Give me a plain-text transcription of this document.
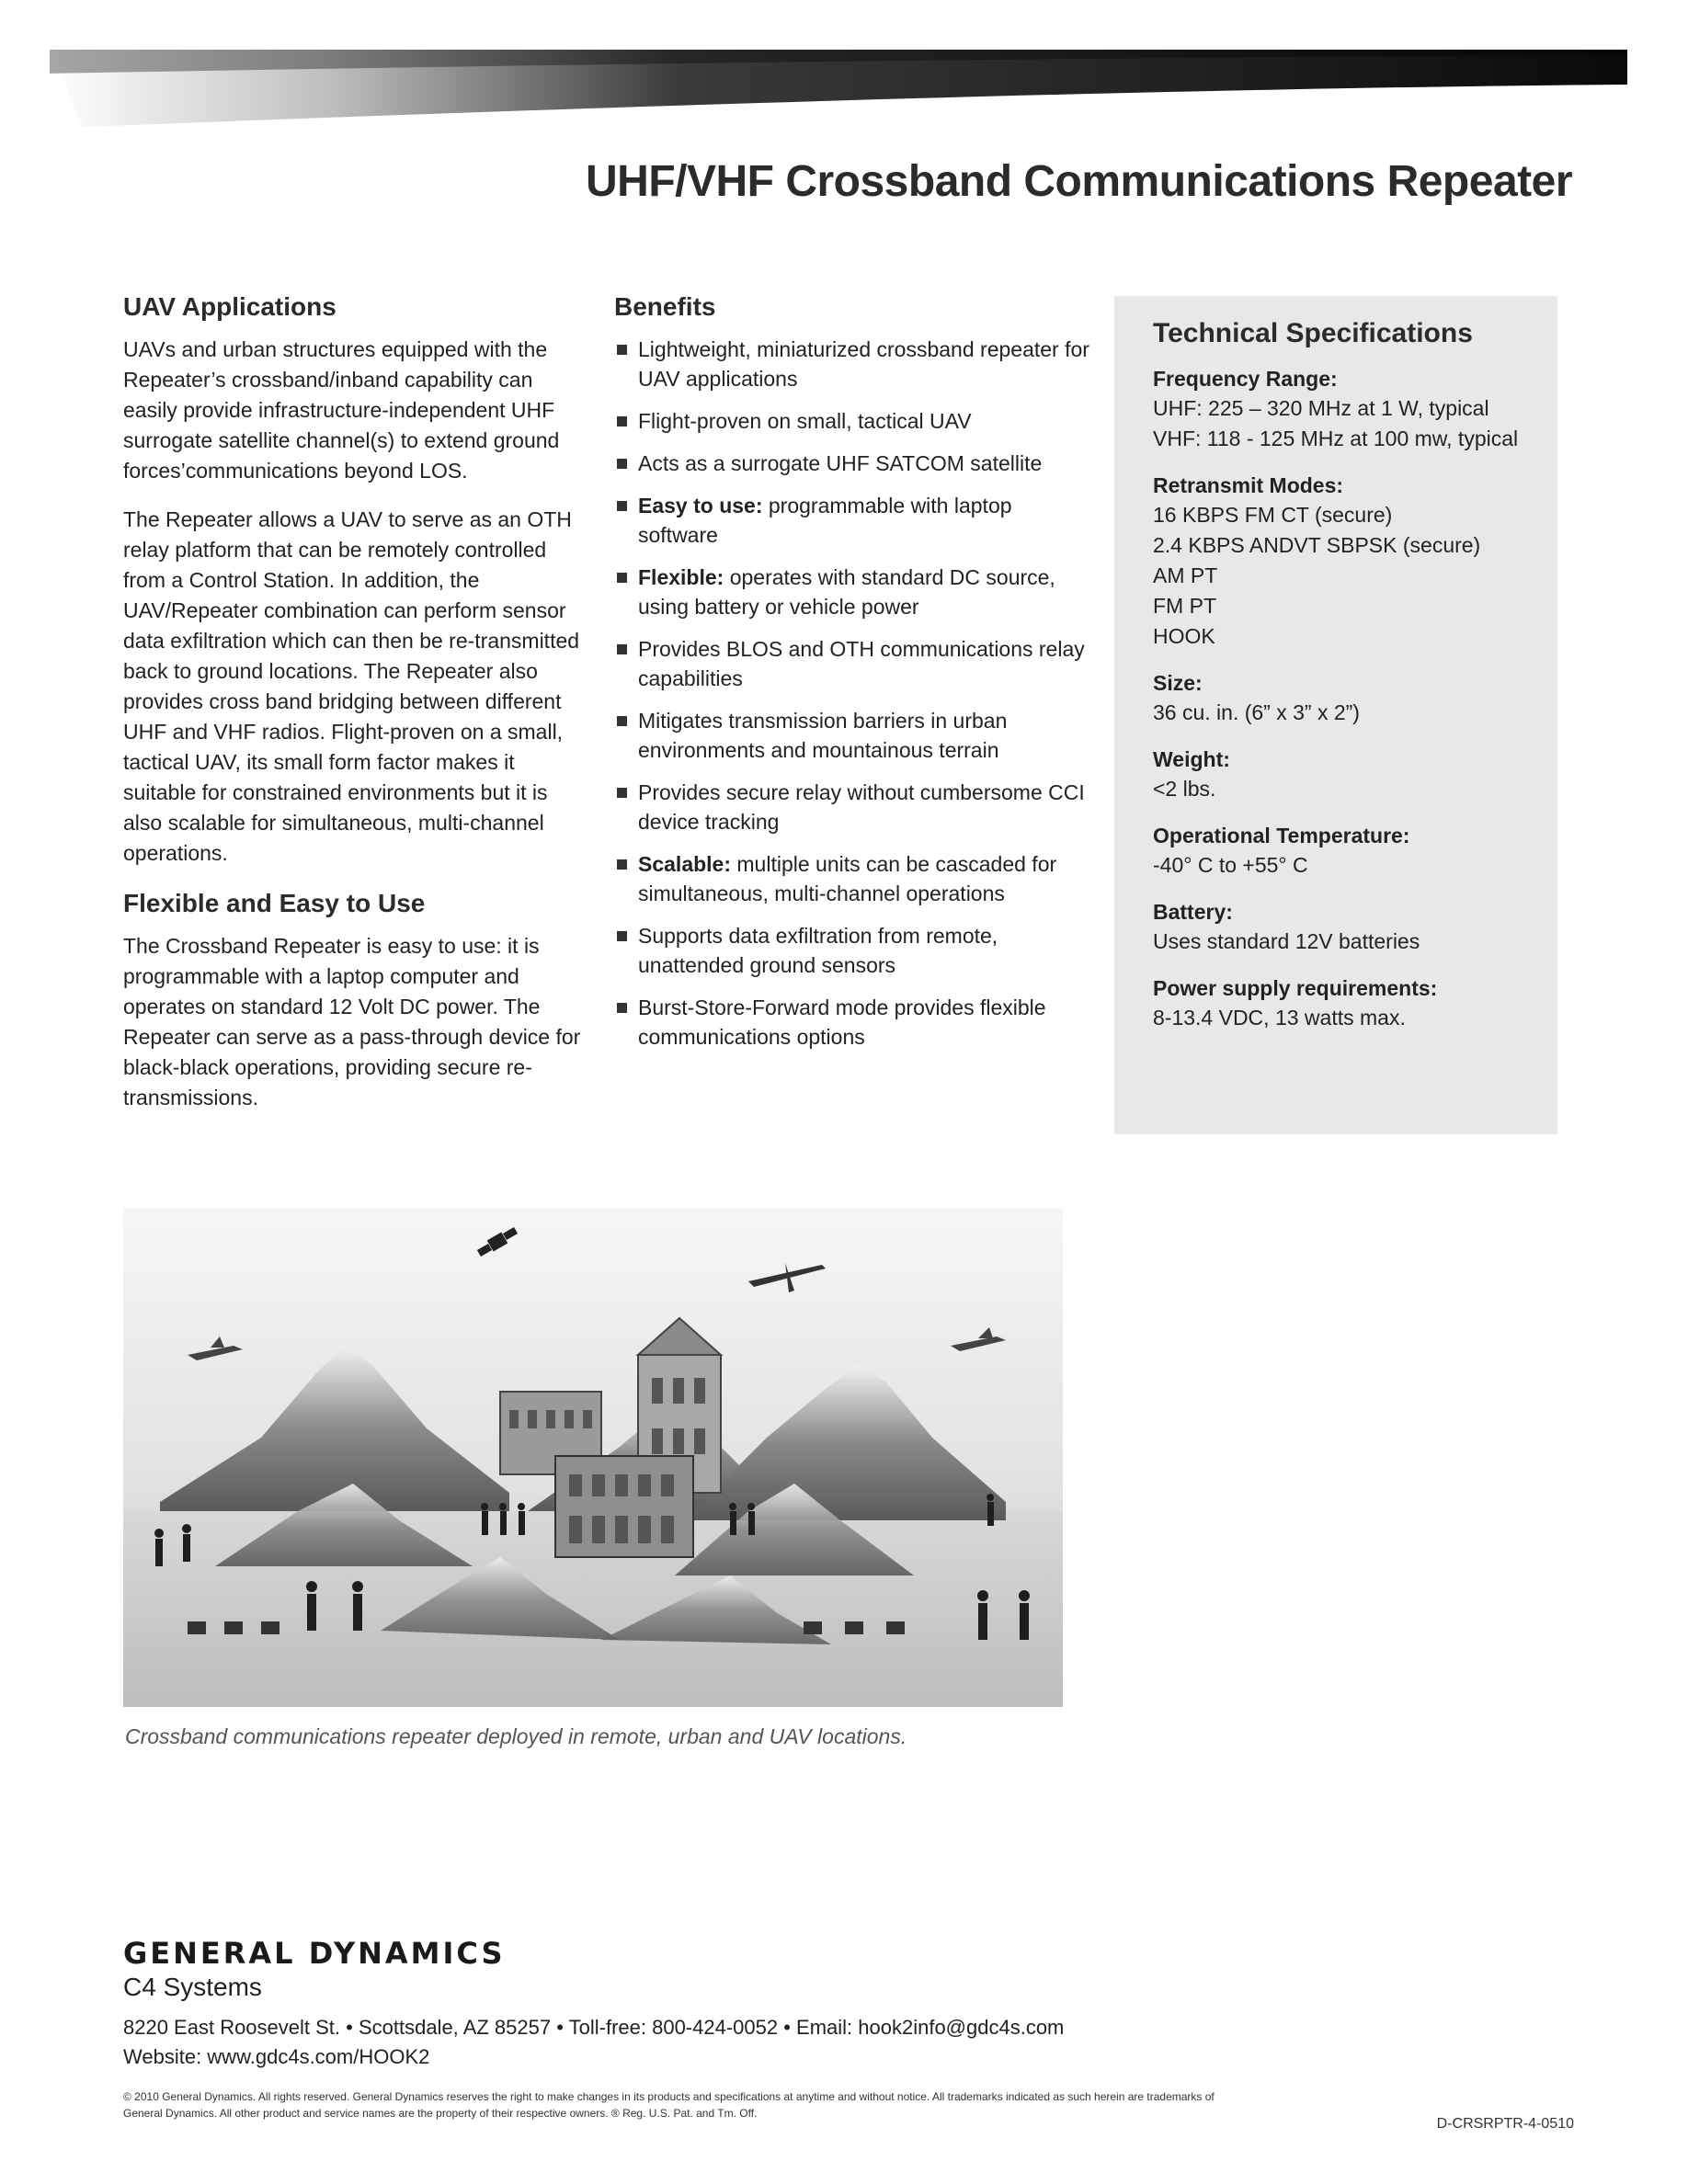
UHF/VHF Crossband Communications Repeater
UAV Applications

UAVs and urban structures equipped with the Repeater’s crossband/inband capability can easily provide infrastructure-independent UHF surrogate satellite channel(s) to extend ground forces’communications beyond LOS.

The Repeater allows a UAV to serve as an OTH relay platform that can be remotely controlled from a Control Station. In addition, the UAV/Repeater combination can perform sensor data exfiltration which can then be re-transmitted back to ground locations. The Repeater also provides cross band bridging between different UHF and VHF radios. Flight-proven on a small, tactical UAV, its small form factor makes it suitable for constrained environments but it is also scalable for simultaneous, multi-channel operations.

Flexible and Easy to Use

The Crossband Repeater is easy to use: it is programmable with a laptop computer and operates on standard 12 Volt DC power. The Repeater can serve as a pass-through device for black-black operations, providing secure re-transmissions.

Benefits
Lightweight, miniaturized crossband repeater for UAV applications
Flight-proven on small, tactical UAV
Acts as a surrogate UHF SATCOM satellite
Easy to use: programmable with laptop software
Flexible: operates with standard DC source, using battery or vehicle power
Provides BLOS and OTH communications relay capabilities
Mitigates transmission barriers in urban environments and mountainous terrain
Provides secure relay without cumbersome CCI device tracking
Scalable: multiple units can be cascaded for simultaneous, multi-channel operations
Supports data exfiltration from remote, unattended ground sensors
Burst-Store-Forward mode provides flexible communications options
Technical Specifications
Frequency Range:
UHF: 225 – 320 MHz at 1 W, typical
VHF: 118 - 125 MHz at 100 mw, typical
Retransmit Modes:
16 KBPS FM CT (secure)
2.4 KBPS ANDVT SBPSK (secure)
AM PT
FM PT
HOOK
Size:
36 cu. in. (6” x 3” x 2”)
Weight:
<2 lbs.
Operational Temperature:
-40° C to +55° C
Battery:
Uses standard 12V batteries
Power supply requirements:
8-13.4 VDC, 13 watts max.

Crossband communications repeater deployed in remote, urban and UAV locations.

GENERAL DYNAMICS

C4 Systems

8220 East Roosevelt St. • Scottsdale, AZ 85257 • Toll-free: 800-424-0052 • Email: hook2info@gdc4s.com
Website: www.gdc4s.com/HOOK2

© 2010 General Dynamics. All rights reserved. General Dynamics reserves the right to make changes in its products and specifications at anytime and without notice. All trademarks indicated as such herein are trademarks of General Dynamics. All other product and service names are the property of their respective owners. ® Reg. U.S. Pat. and Tm. Off.

D-CRSRPTR-4-0510
